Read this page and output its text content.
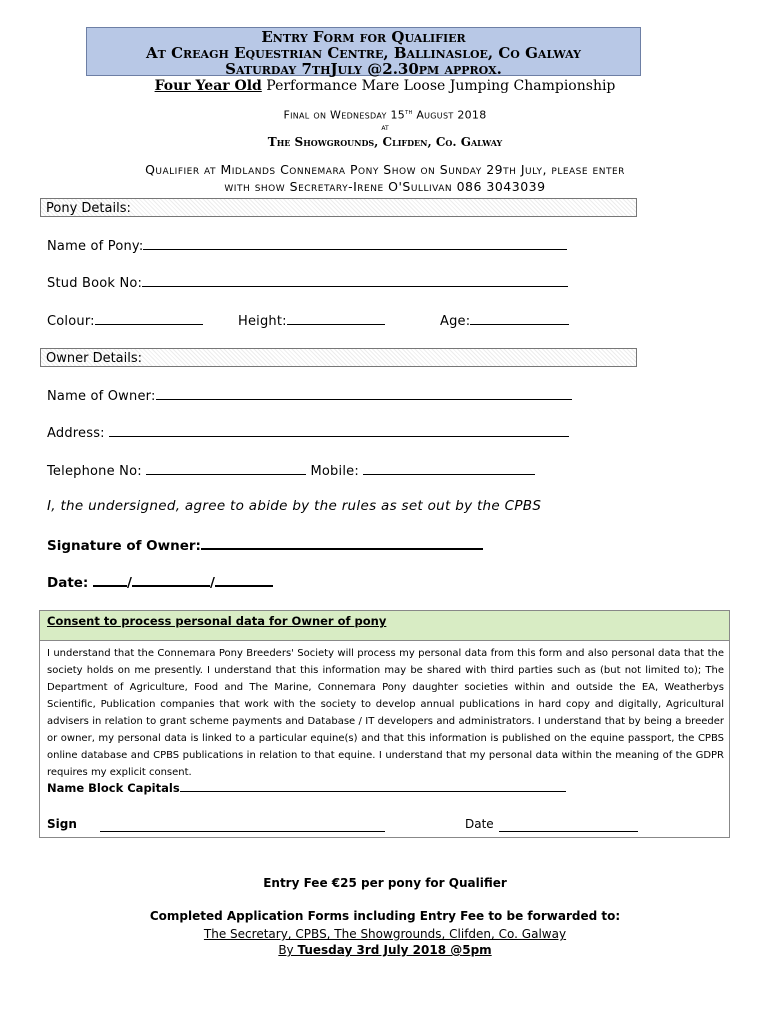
Entry Form for Qualifier
At Creagh Equestrian Centre, Ballinasloe, Co Galway
Saturday 7thJuly @2.30pm approx.
Four Year Old Performance Mare Loose Jumping Championship
Final on Wednesday 15th August 2018
at
The Showgrounds, Clifden, Co. Galway
Qualifier at Midlands Connemara Pony Show on Sunday 29th July, please enter
with show Secretary-Irene O'Sullivan 086 3043039
Pony Details:
Name of Pony:
Stud Book No:
Colour:	Height:	Age:
Owner Details:
Name of Owner:
Address:
Telephone No:	Mobile:
I, the undersigned, agree to abide by the rules as set out by the CPBS
Signature of Owner:
Date:	/	/
Consent to process personal data for Owner of pony
I understand that the Connemara Pony Breeders' Society will process my personal data from this form and also personal data that the society holds on me presently. I understand that this information may be shared with third parties such as (but not limited to); The Department of Agriculture, Food and The Marine, Connemara Pony daughter societies within and outside the EA, Weatherbys Scientific, Publication companies that work with the society to develop annual publications in hard copy and digitally, Agricultural advisers in relation to grant scheme payments and Database / IT developers and administrators. I understand that by being a breeder or owner, my personal data is linked to a particular equine(s) and that this information is published on the equine passport, the CPBS online database and CPBS publications in relation to that equine. I understand that my personal data within the meaning of the GDPR requires my explicit consent.
Name Block Capitals
Sign	Date
Entry Fee €25 per pony for Qualifier
Completed Application Forms including Entry Fee to be forwarded to:
The Secretary, CPBS, The Showgrounds, Clifden, Co. Galway
By Tuesday 3rd July 2018 @5pm
